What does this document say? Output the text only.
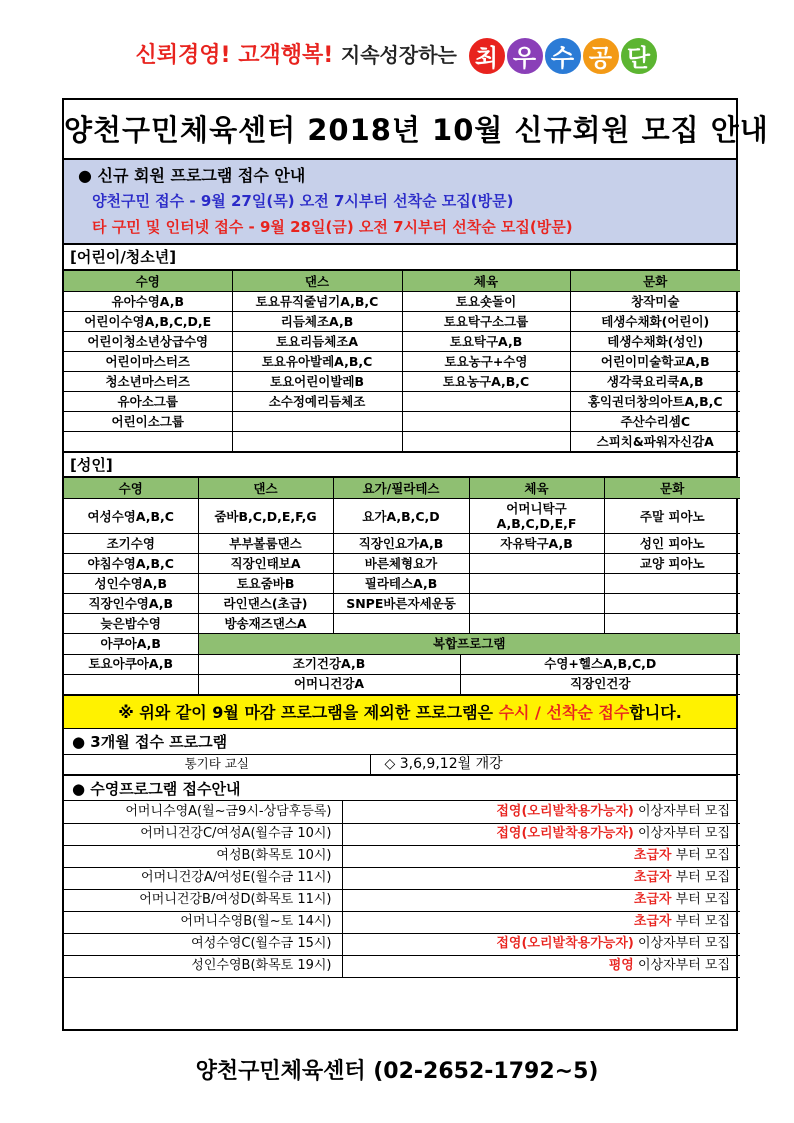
신뢰경영! 고객행복! 지속성장하는 최 우 수 공 단
양천구민체육센터 2018년 10월 신규회원 모집 안내
● 신규 회원 프로그램 접수 안내
양천구민 접수 - 9월 27일(목) 오전 7시부터 선착순 모집(방문)
타 구민 및 인터넷 접수 - 9월 28일(금) 오전 7시부터 선착순 모집(방문)
[어린이/청소년]
수영	댄스	체육	문화
유아수영A,B	토요뮤직줄넘기A,B,C	토요숏돌이	창작미술
어린이수영A,B,C,D,E	리듬체조A,B	토요탁구소그룹	테생수채화(어린이)
어린이청소년상급수영	토요리듬체조A	토요탁구A,B	테생수채화(성인)
어린이마스터즈	토요유아발레A,B,C	토요농구+수영	어린이미술학교A,B
청소년마스터즈	토요어린이발레B	토요농구A,B,C	생각쿡요리쿡A,B
유아소그룹	소수정예리듬체조		홍익권더창의아트A,B,C
어린이소그룹			주산수리셈C
			스피치&파워자신감A
[성인]
수영	댄스	요가/필라테스	체육	문화
여성수영A,B,C	줌바B,C,D,E,F,G	요가A,B,C,D	어머니탁구 A,B,C,D,E,F	주말 피아노
조기수영	부부볼룸댄스	직장인요가A,B	자유탁구A,B	성인 피아노
야침수영A,B,C	직장인태보A	바른체형요가		교양 피아노
성인수영A,B	토요줌바B	필라테스A,B		
직장인수영A,B	라인댄스(초급)	SNPE바른자세운동		
늦은밤수영	방송재즈댄스A			
아쿠아A,B	복합프로그램	
토요아쿠아A,B	조기건강A,B	수영+헬스A,B,C,D
	어머니건강A	직장인건강
※ 위와 같이 9월 마감 프로그램을 제외한 프로그램은 수시 / 선착순 접수합니다.
● 3개월 접수 프로그램
통기타 교실	◇ 3,6,9,12월 개강
● 수영프로그램 접수안내
어머니수영A(월~금9시-상담후등록)	접영(오리발착용가능자) 이상자부터 모집
어머니건강C/여성A(월수금 10시)	접영(오리발착용가능자) 이상자부터 모집
여성B(화목토 10시)	초급자 부터 모집
어머니건강A/여성E(월수금 11시)	초급자 부터 모집
어머니건강B/여성D(화목토 11시)	초급자 부터 모집
어머니수영B(월~토 14시)	초급자 부터 모집
여성수영C(월수금 15시)	접영(오리발착용가능자) 이상자부터 모집
성인수영B(화목토 19시)	평영 이상자부터 모집
양천구민체육센터 (02-2652-1792~5)
